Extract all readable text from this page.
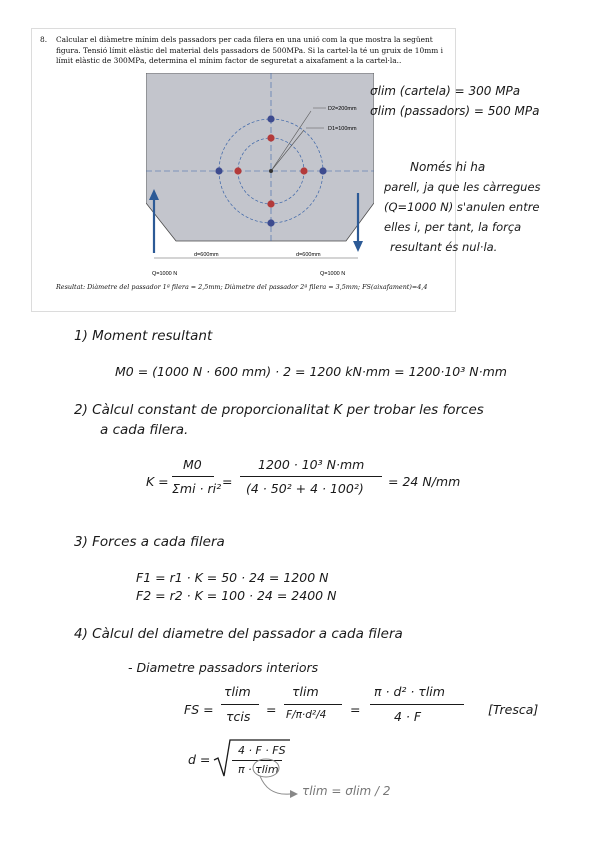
8. Calcular el diàmetre mínim dels passadors per cada filera en una unió com la que mostra la següent figura. Tensió límit elàstic del material dels passadors de 500MPa. Si la cartel·la té un gruix de 10mm i límit elàstic de 300MPa, determina el mínim factor de seguretat a aixafament a la cartel·la..

D1=100mm
D2=200mm
d=600mm	d=600mm
Q=1000 N	Q=1000 N

Resultat: Diàmetre del passador 1ª filera = 2,5mm; Diàmetre del passador 2ª filera = 3,5mm; FS(aixafament)=4,4

σlim (cartela) = 300 MPa
σlim (passadors) = 500 MPa
Només hi ha
parell, ja que les càrregues
(Q=1000 N) s'anulen entre
elles i, per tant, la força
resultant és nul·la.
1) Moment resultant
M0 = (1000 N · 600 mm) · 2 = 1200 kN·mm = 1200·10³ N·mm
2) Càlcul constant de proporcionalitat K per trobar les forces
a cada filera.
K =
M0
Σmi · ri² =
1200 · 10³ N·mm
(4 · 50² + 4 · 100²) = 24 N/mm
3) Forces a cada filera
F1 = r1 · K = 50 · 24 = 1200 N
F2 = r2 · K = 100 · 24 = 2400 N
4) Càlcul del diametre del passador a cada filera
- Diametre passadors interiors
FS =
τlim
τcis =
τlim
F/π·d²/4 =
π · d² · τlim
4 · F	[Tresca]
d =
4 · F · FS
π · τlim
τlim = σlim / 2
